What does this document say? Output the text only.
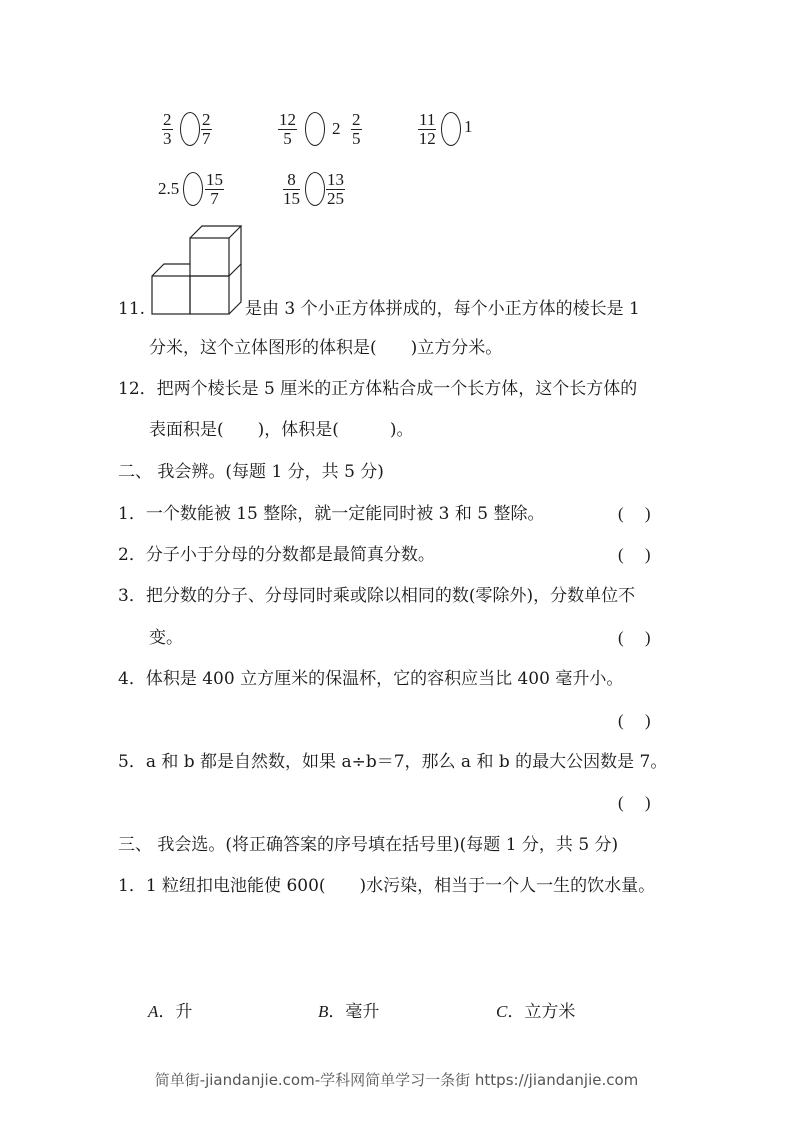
$\frac{2}{3} \frac{2}{7}$	$\frac{12}{5} 2 \frac{2}{5}$	$\frac{11}{12} 1$
$2.5 \frac{15}{7}$	$\frac{8}{15} \frac{13}{25}$
11.	是由 3 个小正方体拼成的，每个小正方体的棱长是 1
分米，这个立体图形的体积是(　　)立方分米。
12．把两个棱长是 5 厘米的正方体粘合成一个长方体，这个长方体的
表面积是(　　)，体积是(　　　)。
二、 我会辨。(每题 1 分，共 5 分)
1．一个数能被 15 整除，就一定能同时被 3 和 5 整除。	(　 )
2．分子小于分母的分数都是最简真分数。	(　 )
3．把分数的分子、分母同时乘或除以相同的数(零除外)，分数单位不
变。	(　 )
4．体积是 400 立方厘米的保温杯，它的容积应当比 400 毫升小。
(　 )
5．a 和 b 都是自然数，如果 a÷b＝7，那么 a 和 b 的最大公因数是 7。
(　 )
三、 我会选。(将正确答案的序号填在括号里)(每题 1 分，共 5 分)
1．1 粒纽扣电池能使 600(　　)水污染，相当于一个人一生的饮水量。
A．升	B．毫升	C．立方米
简单街-jiandanjie.com-学科网简单学习一条街 https://jiandanjie.com
